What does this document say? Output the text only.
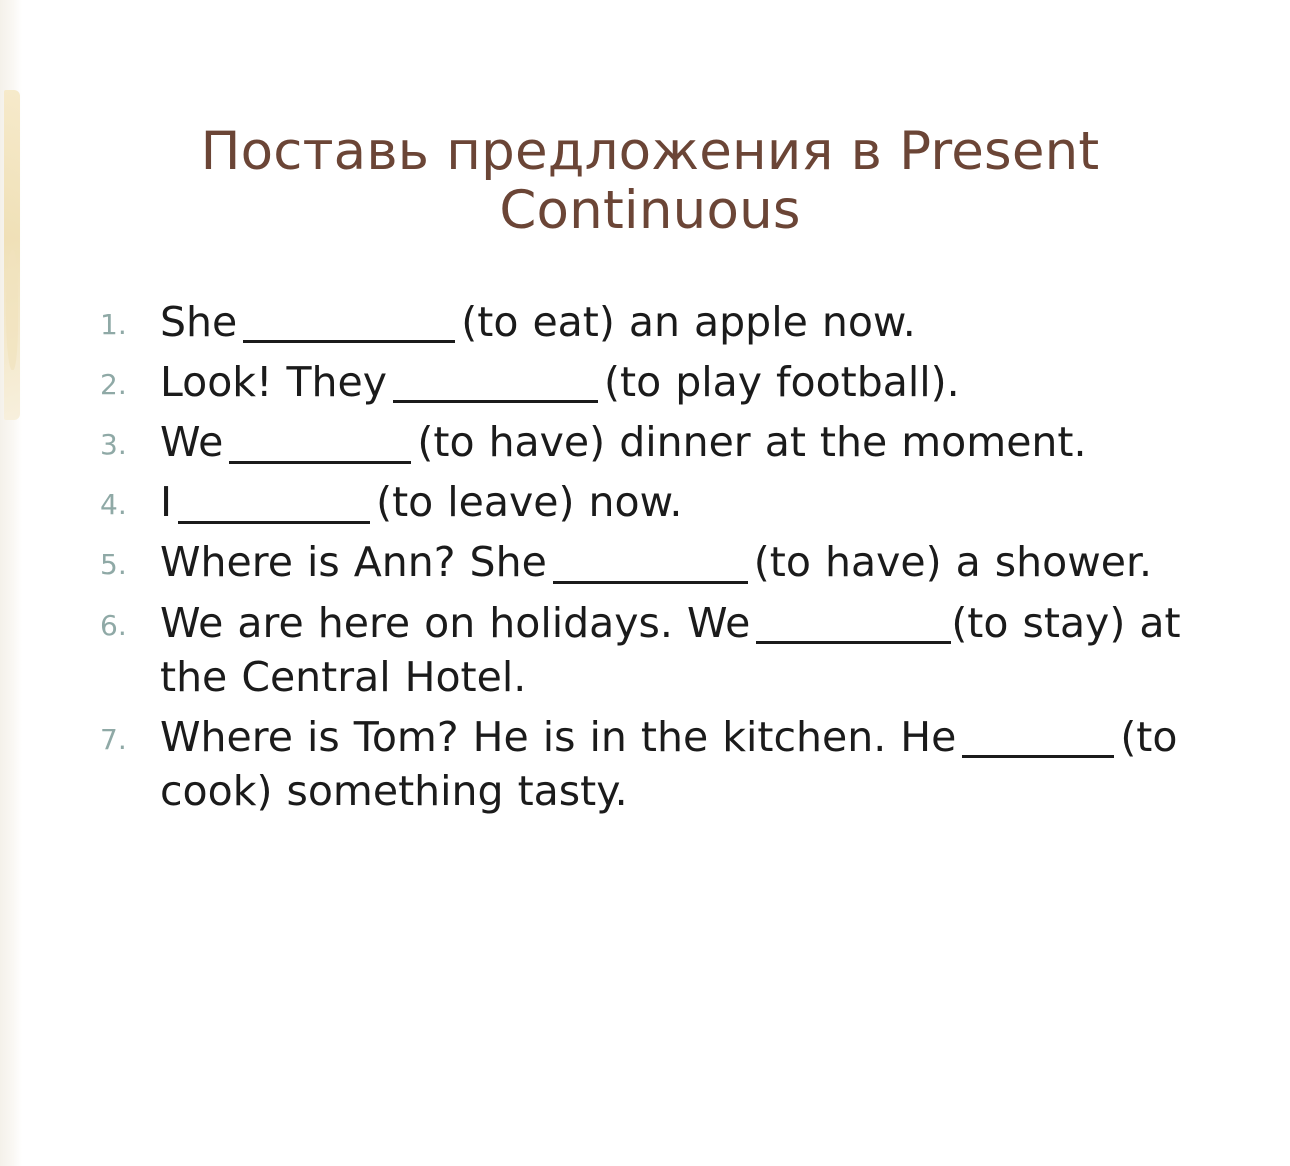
Поставь предложения в Present Continuous
1. She	(to eat) an apple now.
2. Look! They	(to play football).
3. We	(to have) dinner at the moment.
4. I	(to leave) now.
5. Where is Ann? She	(to have) a shower.
6. We are here on holidays. We	(to stay) at the Central Hotel.
7. Where is Tom? He is in the kitchen. He	(to cook) something tasty.
